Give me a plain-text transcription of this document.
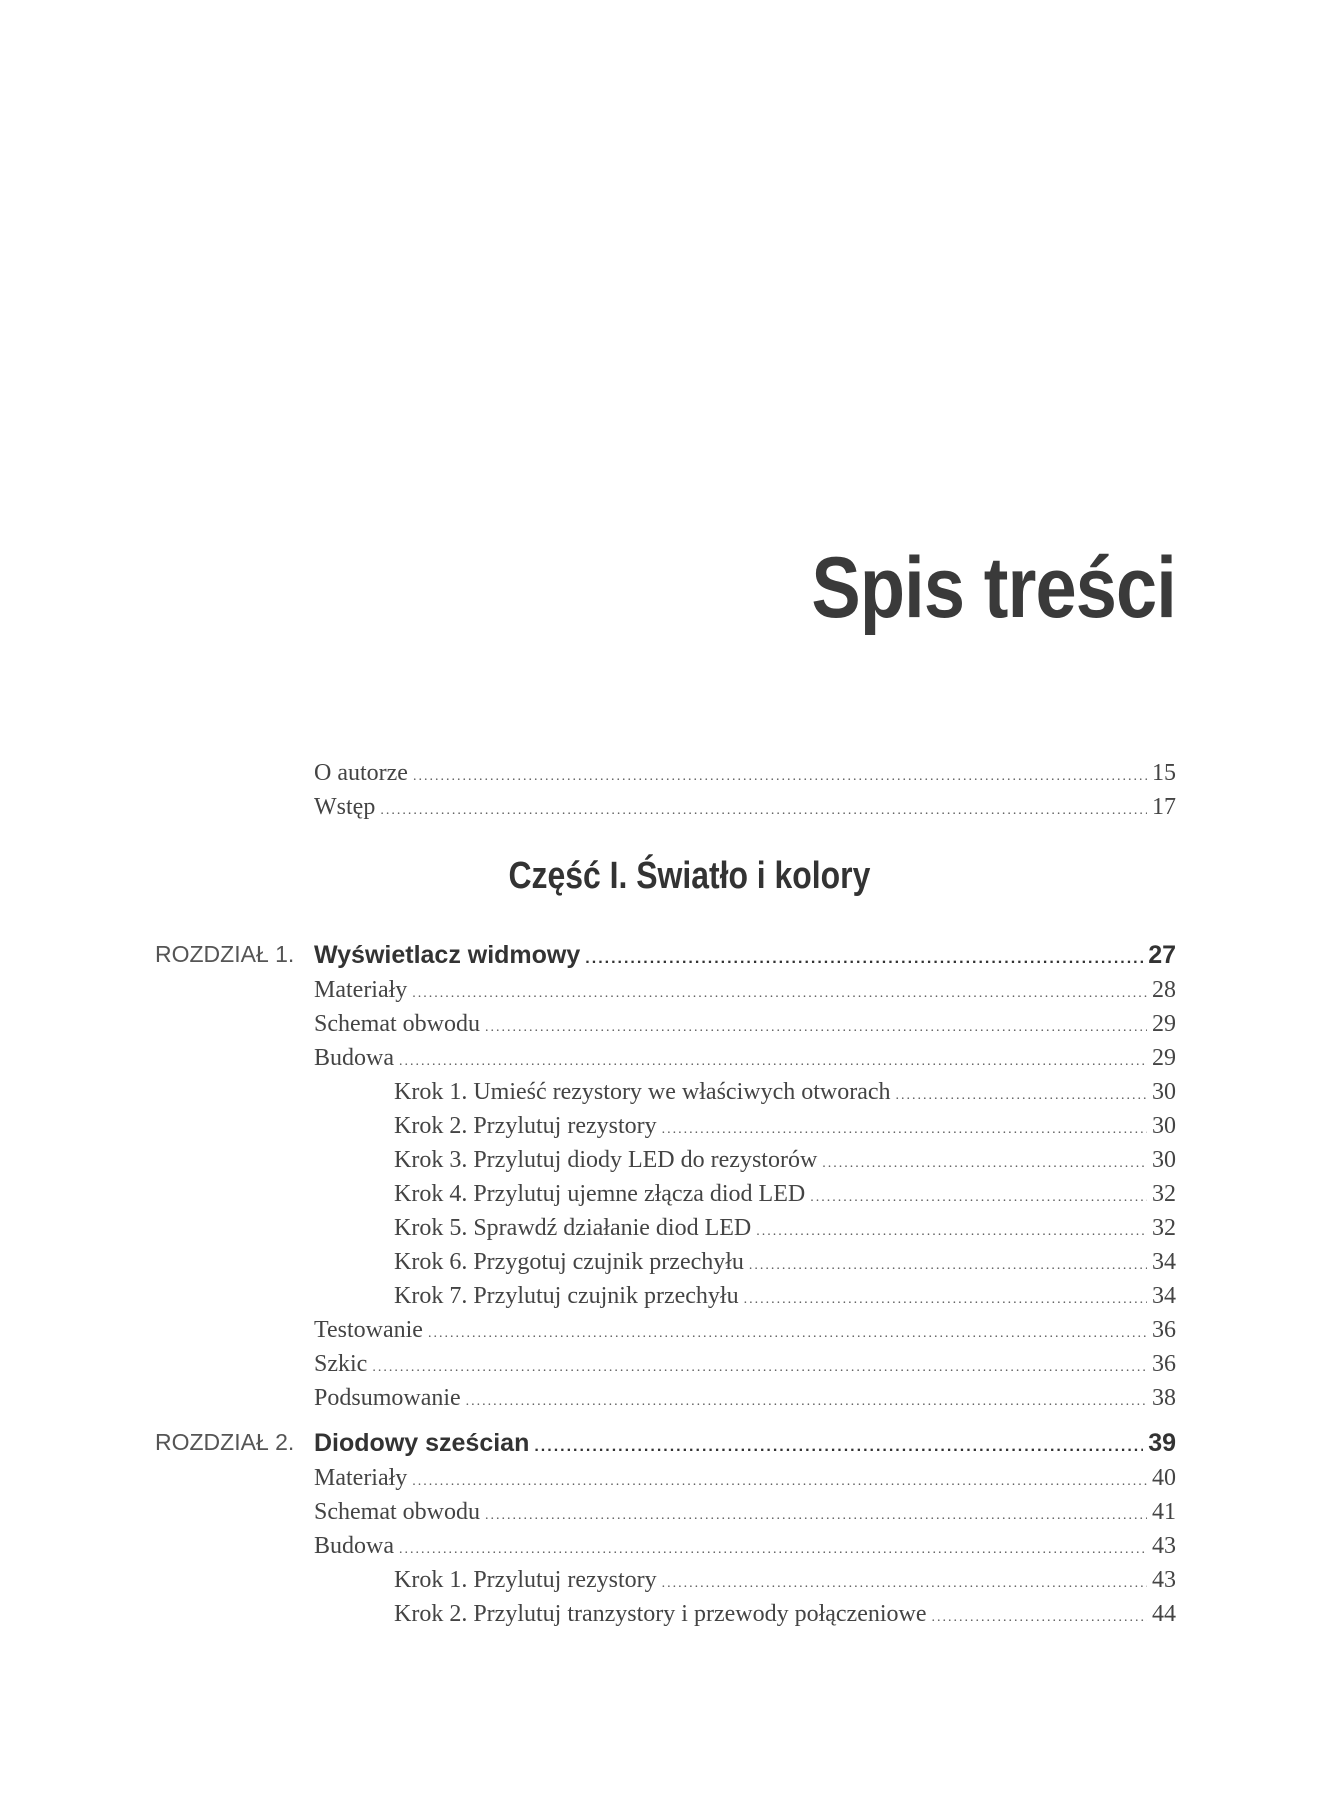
Spis treści
O autorze .....	15
Wstęp .....	17
Część I. Światło i kolory
ROZDZIAŁ 1. Wyświetlacz widmowy .....	27
Materiały .....	28
Schemat obwodu .....	29
Budowa .....	29
Krok 1. Umieść rezystory we właściwych otworach .....	30
Krok 2. Przylutuj rezystory .....	30
Krok 3. Przylutuj diody LED do rezystorów .....	30
Krok 4. Przylutuj ujemne złącza diod LED .....	32
Krok 5. Sprawdź działanie diod LED .....	32
Krok 6. Przygotuj czujnik przechyłu .....	34
Krok 7. Przylutuj czujnik przechyłu .....	34
Testowanie .....	36
Szkic .....	36
Podsumowanie .....	38
ROZDZIAŁ 2. Diodowy sześcian .....	39
Materiały .....	40
Schemat obwodu .....	41
Budowa .....	43
Krok 1. Przylutuj rezystory .....	43
Krok 2. Przylutuj tranzystory i przewody połączeniowe .....	44
